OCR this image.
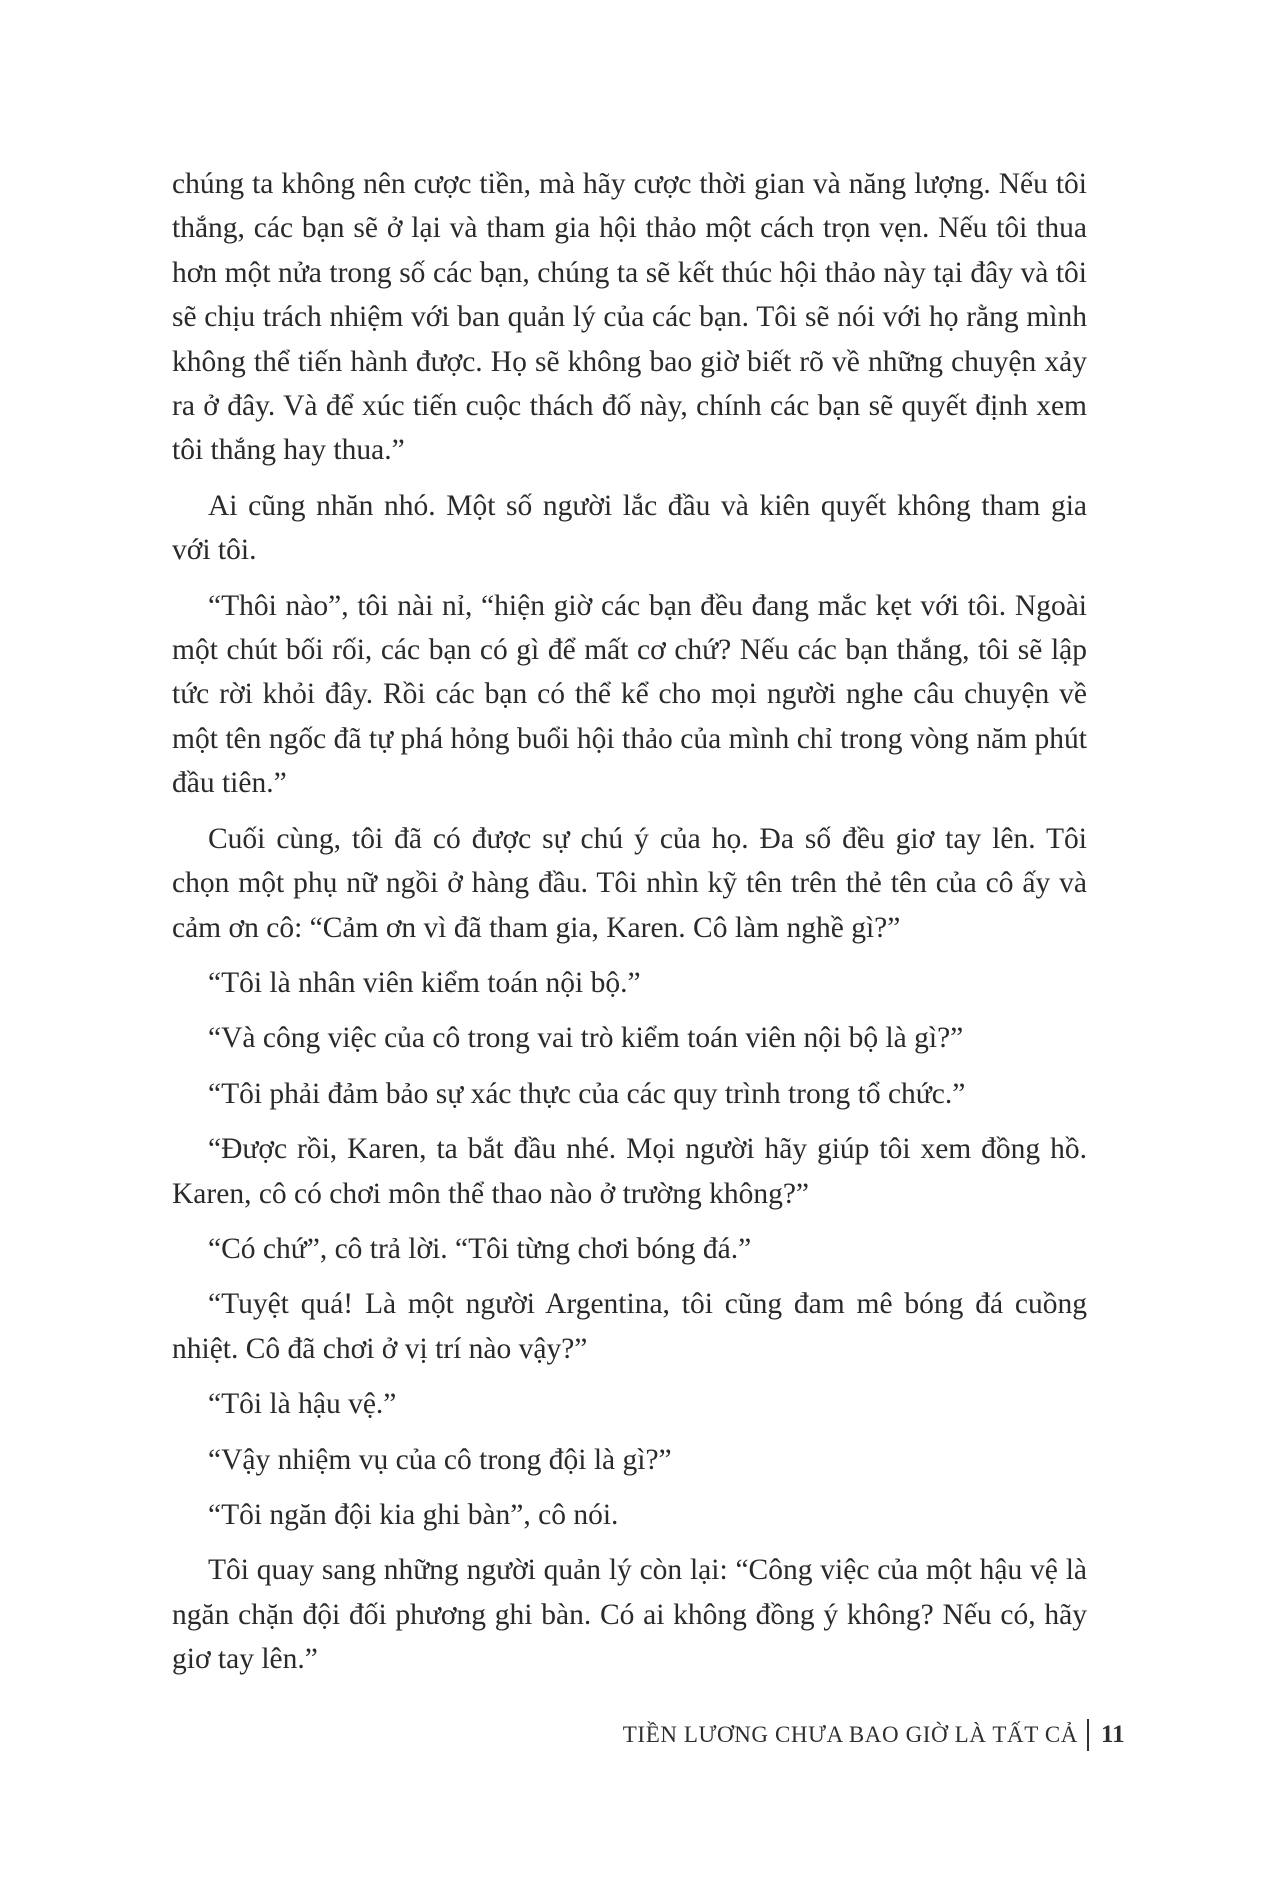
chúng ta không nên cược tiền, mà hãy cược thời gian và năng lượng. Nếu tôi thắng, các bạn sẽ ở lại và tham gia hội thảo một cách trọn vẹn. Nếu tôi thua hơn một nửa trong số các bạn, chúng ta sẽ kết thúc hội thảo này tại đây và tôi sẽ chịu trách nhiệm với ban quản lý của các bạn. Tôi sẽ nói với họ rằng mình không thể tiến hành được. Họ sẽ không bao giờ biết rõ về những chuyện xảy ra ở đây. Và để xúc tiến cuộc thách đố này, chính các bạn sẽ quyết định xem tôi thắng hay thua.”

Ai cũng nhăn nhó. Một số người lắc đầu và kiên quyết không tham gia với tôi.

“Thôi nào”, tôi nài nỉ, “hiện giờ các bạn đều đang mắc kẹt với tôi. Ngoài một chút bối rối, các bạn có gì để mất cơ chứ? Nếu các bạn thắng, tôi sẽ lập tức rời khỏi đây. Rồi các bạn có thể kể cho mọi người nghe câu chuyện về một tên ngốc đã tự phá hỏng buổi hội thảo của mình chỉ trong vòng năm phút đầu tiên.”

Cuối cùng, tôi đã có được sự chú ý của họ. Đa số đều giơ tay lên. Tôi chọn một phụ nữ ngồi ở hàng đầu. Tôi nhìn kỹ tên trên thẻ tên của cô ấy và cảm ơn cô: “Cảm ơn vì đã tham gia, Karen. Cô làm nghề gì?”

“Tôi là nhân viên kiểm toán nội bộ.”

“Và công việc của cô trong vai trò kiểm toán viên nội bộ là gì?”

“Tôi phải đảm bảo sự xác thực của các quy trình trong tổ chức.”

“Được rồi, Karen, ta bắt đầu nhé. Mọi người hãy giúp tôi xem đồng hồ. Karen, cô có chơi môn thể thao nào ở trường không?”

“Có chứ”, cô trả lời. “Tôi từng chơi bóng đá.”

“Tuyệt quá! Là một người Argentina, tôi cũng đam mê bóng đá cuồng nhiệt. Cô đã chơi ở vị trí nào vậy?”

“Tôi là hậu vệ.”

“Vậy nhiệm vụ của cô trong đội là gì?”

“Tôi ngăn đội kia ghi bàn”, cô nói.

Tôi quay sang những người quản lý còn lại: “Công việc của một hậu vệ là ngăn chặn đội đối phương ghi bàn. Có ai không đồng ý không? Nếu có, hãy giơ tay lên.”

TIỀN LƯƠNG CHƯA BAO GIỜ LÀ TẤT CẢ 11
